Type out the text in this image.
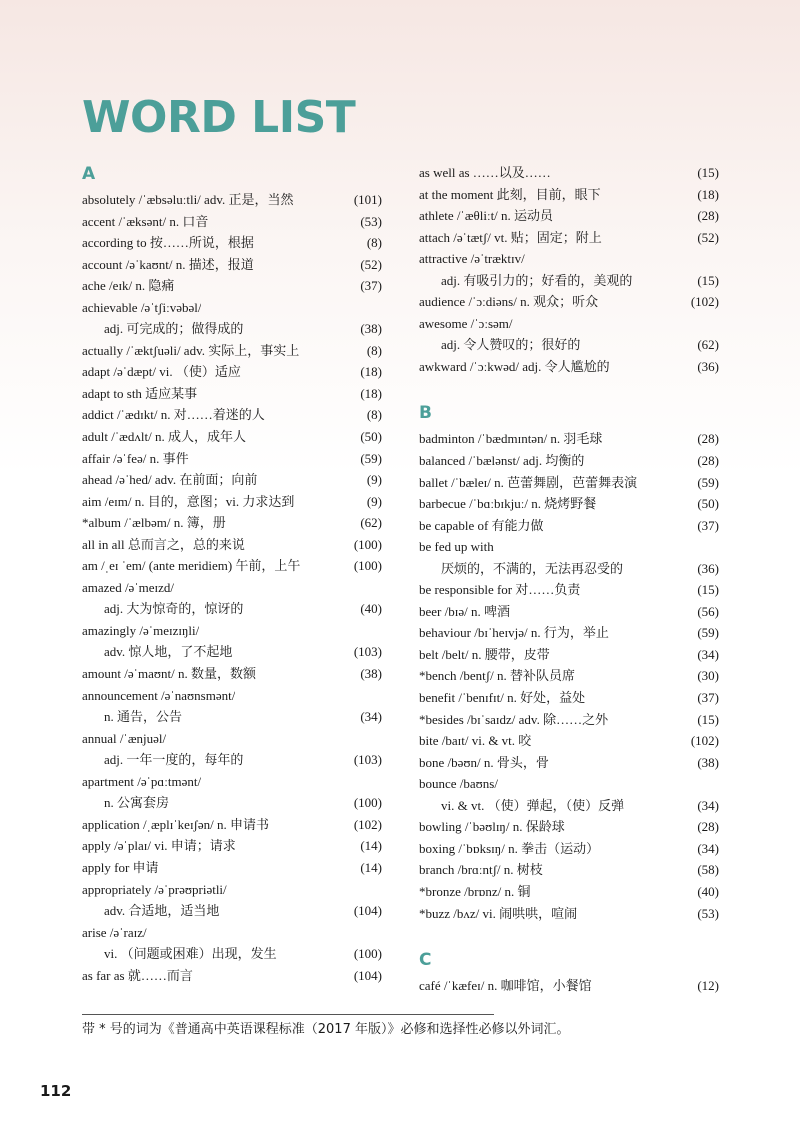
WORD LIST
A
absolutely /ˈæbsəluːtli/ adv. 正是，当然	(101)
accent /ˈæksənt/ n. 口音	(53)
according to 按……所说，根据	(8)
account /əˈkaʊnt/ n. 描述，报道	(52)
ache /eɪk/ n. 隐痛	(37)
achievable /əˈtʃiːvəbəl/
adj. 可完成的；做得成的	(38)
actually /ˈæktʃuəli/ adv. 实际上，事实上	(8)
adapt /əˈdæpt/ vi. （使）适应	(18)
adapt to sth 适应某事	(18)
addict /ˈædɪkt/ n. 对……着迷的人	(8)
adult /ˈædʌlt/ n. 成人，成年人	(50)
affair /əˈfeə/ n. 事件	(59)
ahead /əˈhed/ adv. 在前面；向前	(9)
aim /eɪm/ n. 目的，意图；vi. 力求达到	(9)
*album /ˈælbəm/ n. 簿，册	(62)
all in all 总而言之，总的来说	(100)
am /ˌeɪ ˈem/ (ante meridiem) 午前，上午	(100)
amazed /əˈmeɪzd/
adj. 大为惊奇的，惊讶的	(40)
amazingly /əˈmeɪzɪŋli/
adv. 惊人地，了不起地	(103)
amount /əˈmaʊnt/ n. 数量，数额	(38)
announcement /əˈnaʊnsmənt/
n. 通告，公告	(34)
annual /ˈænjuəl/
adj. 一年一度的，每年的	(103)
apartment /əˈpɑːtmənt/
n. 公寓套房	(100)
application /ˌæplɪˈkeɪʃən/ n. 申请书	(102)
apply /əˈplaɪ/ vi. 申请；请求	(14)
apply for 申请	(14)
appropriately /əˈprəʊpriətli/
adv. 合适地，适当地	(104)
arise /əˈraɪz/
vi. （问题或困难）出现，发生	(100)
as far as 就……而言	(104)
as well as ……以及……	(15)
at the moment 此刻，目前，眼下	(18)
athlete /ˈæθliːt/ n. 运动员	(28)
attach /əˈtætʃ/ vt. 贴；固定；附上	(52)
attractive /əˈtræktɪv/
adj. 有吸引力的；好看的，美观的	(15)
audience /ˈɔːdiəns/ n. 观众；听众	(102)
awesome /ˈɔːsəm/
adj. 令人赞叹的；很好的	(62)
awkward /ˈɔːkwəd/ adj. 令人尴尬的	(36)
B
badminton /ˈbædmɪntən/ n. 羽毛球	(28)
balanced /ˈbælənst/ adj. 均衡的	(28)
ballet /ˈbæleɪ/ n. 芭蕾舞剧，芭蕾舞表演	(59)
barbecue /ˈbɑːbɪkjuː/ n. 烧烤野餐	(50)
be capable of 有能力做	(37)
be fed up with
厌烦的，不满的，无法再忍受的	(36)
be responsible for 对……负责	(15)
beer /bɪə/ n. 啤酒	(56)
behaviour /bɪˈheɪvjə/ n. 行为，举止	(59)
belt /belt/ n. 腰带，皮带	(34)
*bench /bentʃ/ n. 替补队员席	(30)
benefit /ˈbenɪfɪt/ n. 好处，益处	(37)
*besides /bɪˈsaɪdz/ adv. 除……之外	(15)
bite /baɪt/ vi. & vt. 咬	(102)
bone /bəʊn/ n. 骨头，骨	(38)
bounce /baʊns/
vi. & vt. （使）弹起，（使）反弹	(34)
bowling /ˈbəʊlɪŋ/ n. 保龄球	(28)
boxing /ˈbɒksɪŋ/ n. 拳击（运动）	(34)
branch /brɑːntʃ/ n. 树枝	(58)
*bronze /brɒnz/ n. 铜	(40)
*buzz /bʌz/ vi. 闹哄哄，喧闹	(53)
C
café /ˈkæfeɪ/ n. 咖啡馆，小餐馆	(12)
带 * 号的词为《普通高中英语课程标准（2017 年版）》必修和选择性必修以外词汇。
112
